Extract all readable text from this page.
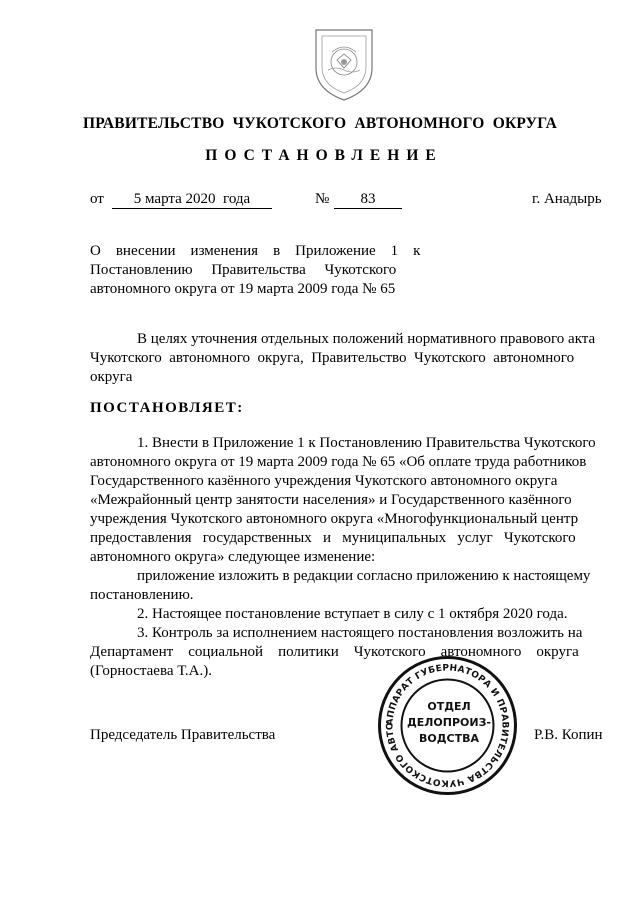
ПРАВИТЕЛЬСТВО  ЧУКОТСКОГО  АВТОНОМНОГО  ОКРУГА
ПОСТАНОВЛЕНИЕ
от	5 марта 2020  года	№	83	г. Анадырь
О    внесении    изменения    в    Приложение    1    к
Постановлению     Правительства     Чукотского
автономного округа от 19 марта 2009 года № 65
В целях уточнения отдельных положений нормативного правового акта
Чукотского  автономного  округа,  Правительство  Чукотского  автономного
округа
ПОСТАНОВЛЯЕТ:
1. Внести в Приложение 1 к Постановлению Правительства Чукотского
автономного округа от 19 марта 2009 года № 65 «Об оплате труда работников
Государственного казённого учреждения Чукотского автономного округа
«Межрайонный центр занятости населения» и Государственного казённого
учреждения Чукотского автономного округа «Многофункциональный центр
предоставления   государственных   и   муниципальных   услуг   Чукотского
автономного округа» следующее изменение:
приложение изложить в редакции согласно приложению к настоящему
постановлению.
2. Настоящее постановление вступает в силу с 1 октября 2020 года.
3. Контроль за исполнением настоящего постановления возложить на
Департамент    социальной    политики    Чукотского    автономного    округа
(Горностаева Т.А.).
АППАРАТ ГУБЕРНАТОРА И ПРАВИТЕЛЬСТВА ЧУКОТСКОГО АВТО
ОТДЕЛ
ДЕЛОПРОИЗ-
ВОДСТВА
Председатель Правительства	Р.В. Копин
